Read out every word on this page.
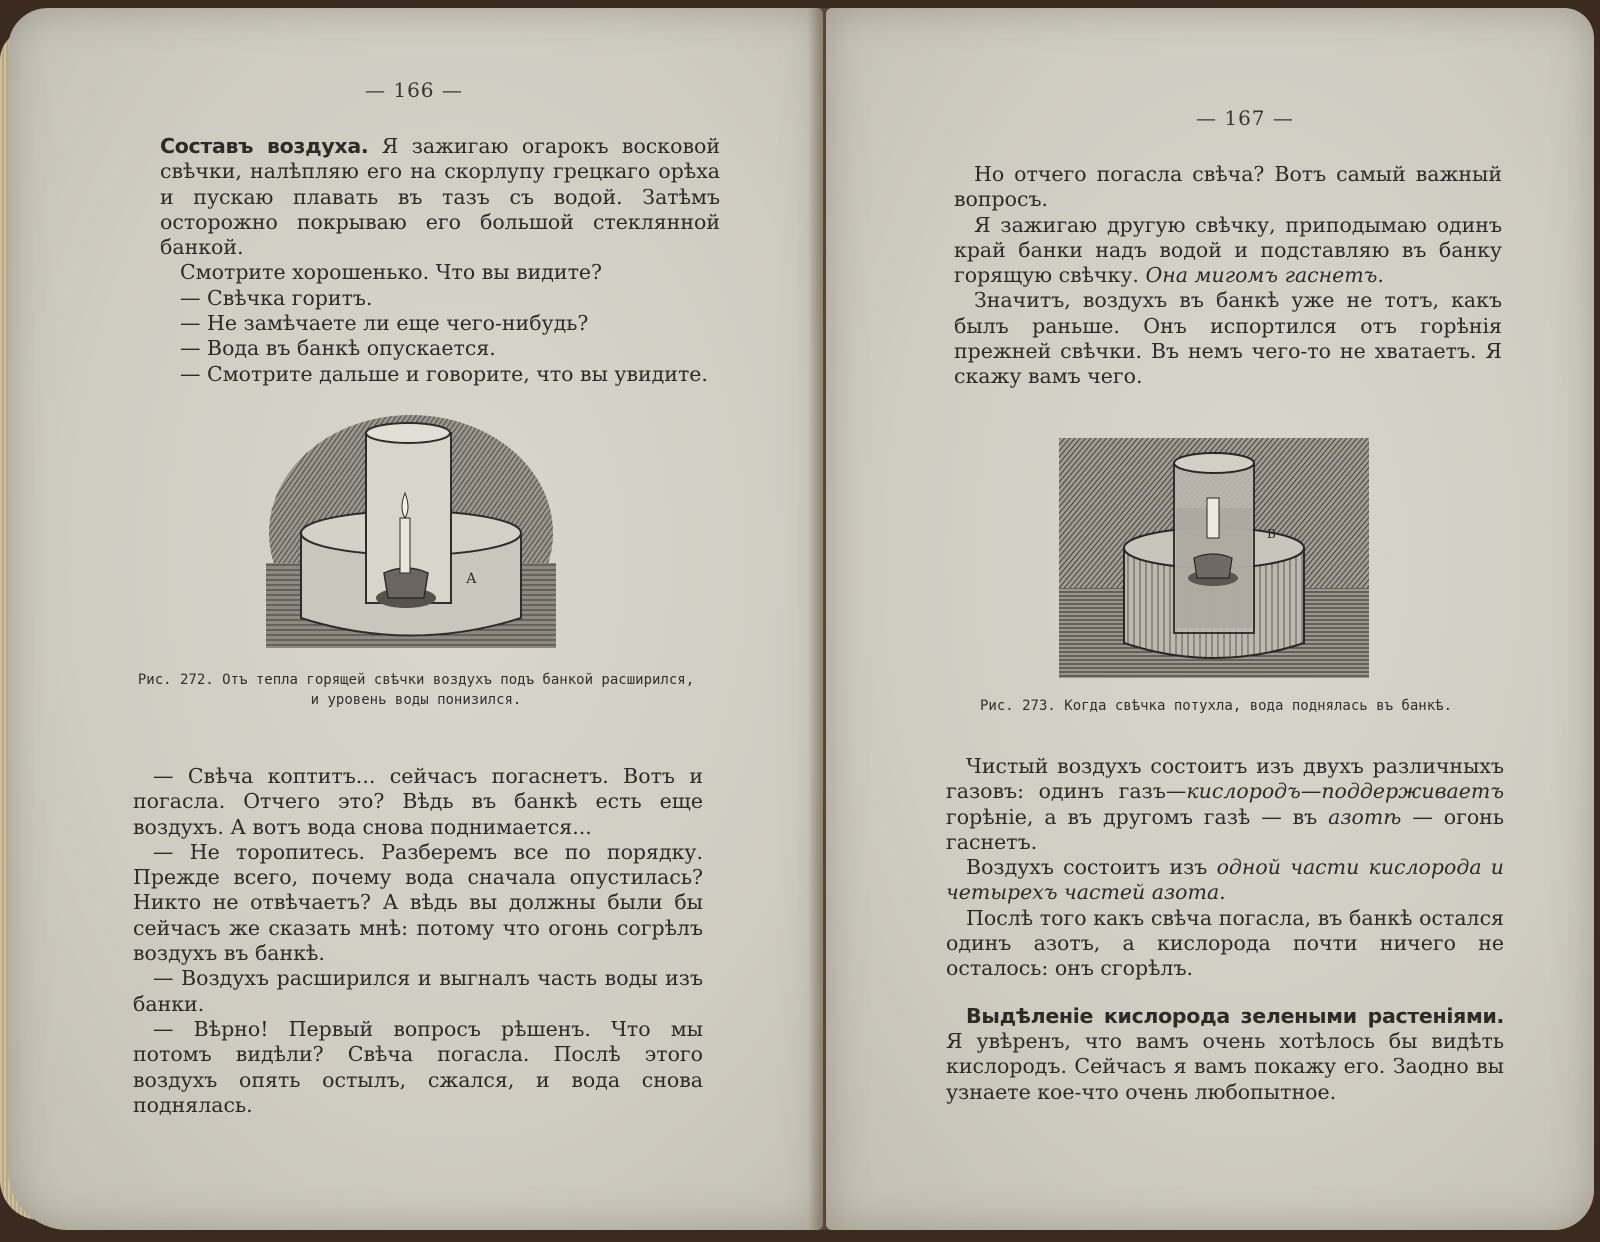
— 166 —

Составъ воздуха. Я зажигаю огарокъ восковой свѣчки, налѣпляю его на скорлупу грецкаго орѣха и пускаю плавать въ тазъ съ водой. Затѣмъ осторожно покрываю его большой стеклянной банкой.

Смотрите хорошенько. Что вы видите?

— Свѣчка горитъ.

— Не замѣчаете ли еще чего-нибудь?

— Вода въ банкѣ опускается.

— Смотрите дальше и говорите, что вы увидите.

А
Рис. 272. Отъ тепла горящей свѣчки воздухъ подъ банкой расширился,
и уровень воды понизился.

— Свѣча коптитъ... сейчасъ погаснетъ. Вотъ и погасла. Отчего это? Вѣдь въ банкѣ есть еще воздухъ. А вотъ вода снова поднимается...

— Не торопитесь. Разберемъ все по порядку. Прежде всего, почему вода сначала опустилась? Никто не отвѣчаетъ? А вѣдь вы должны были бы сейчасъ же сказать мнѣ: потому что огонь согрѣлъ воздухъ въ банкѣ.

— Воздухъ расширился и выгналъ часть воды изъ банки.

— Вѣрно! Первый вопросъ рѣшенъ. Что мы потомъ видѣли? Свѣча погасла. Послѣ этого воздухъ опять остылъ, сжался, и вода снова поднялась.

— 167 —

Но отчего погасла свѣча? Вотъ самый важный вопросъ.

Я зажигаю другую свѣчку, приподымаю одинъ край банки надъ водой и подставляю въ банку горящую свѣчку. Она мигомъ гаснетъ.

Значитъ, воздухъ въ банкѣ уже не тотъ, какъ былъ раньше. Онъ испортился отъ горѣнія прежней свѣчки. Въ немъ чего-то не хватаетъ. Я скажу вамъ чего.

В
Рис. 273. Когда свѣчка потухла, вода поднялась въ банкѣ.

Чистый воздухъ состоитъ изъ двухъ различныхъ газовъ: одинъ газъ—кислородъ—поддерживаетъ горѣніе, а въ другомъ газѣ — въ азотѣ — огонь гаснетъ.

Воздухъ состоитъ изъ одной части кислорода и четырехъ частей азота.

Послѣ того какъ свѣча погасла, въ банкѣ остался одинъ азотъ, а кислорода почти ничего не осталось: онъ сгорѣлъ.

Выдѣленіе кислорода зелеными растеніями. Я увѣренъ, что вамъ очень хотѣлось бы видѣть кислородъ. Сейчасъ я вамъ покажу его. Заодно вы узнаете кое-что очень любопытное.
